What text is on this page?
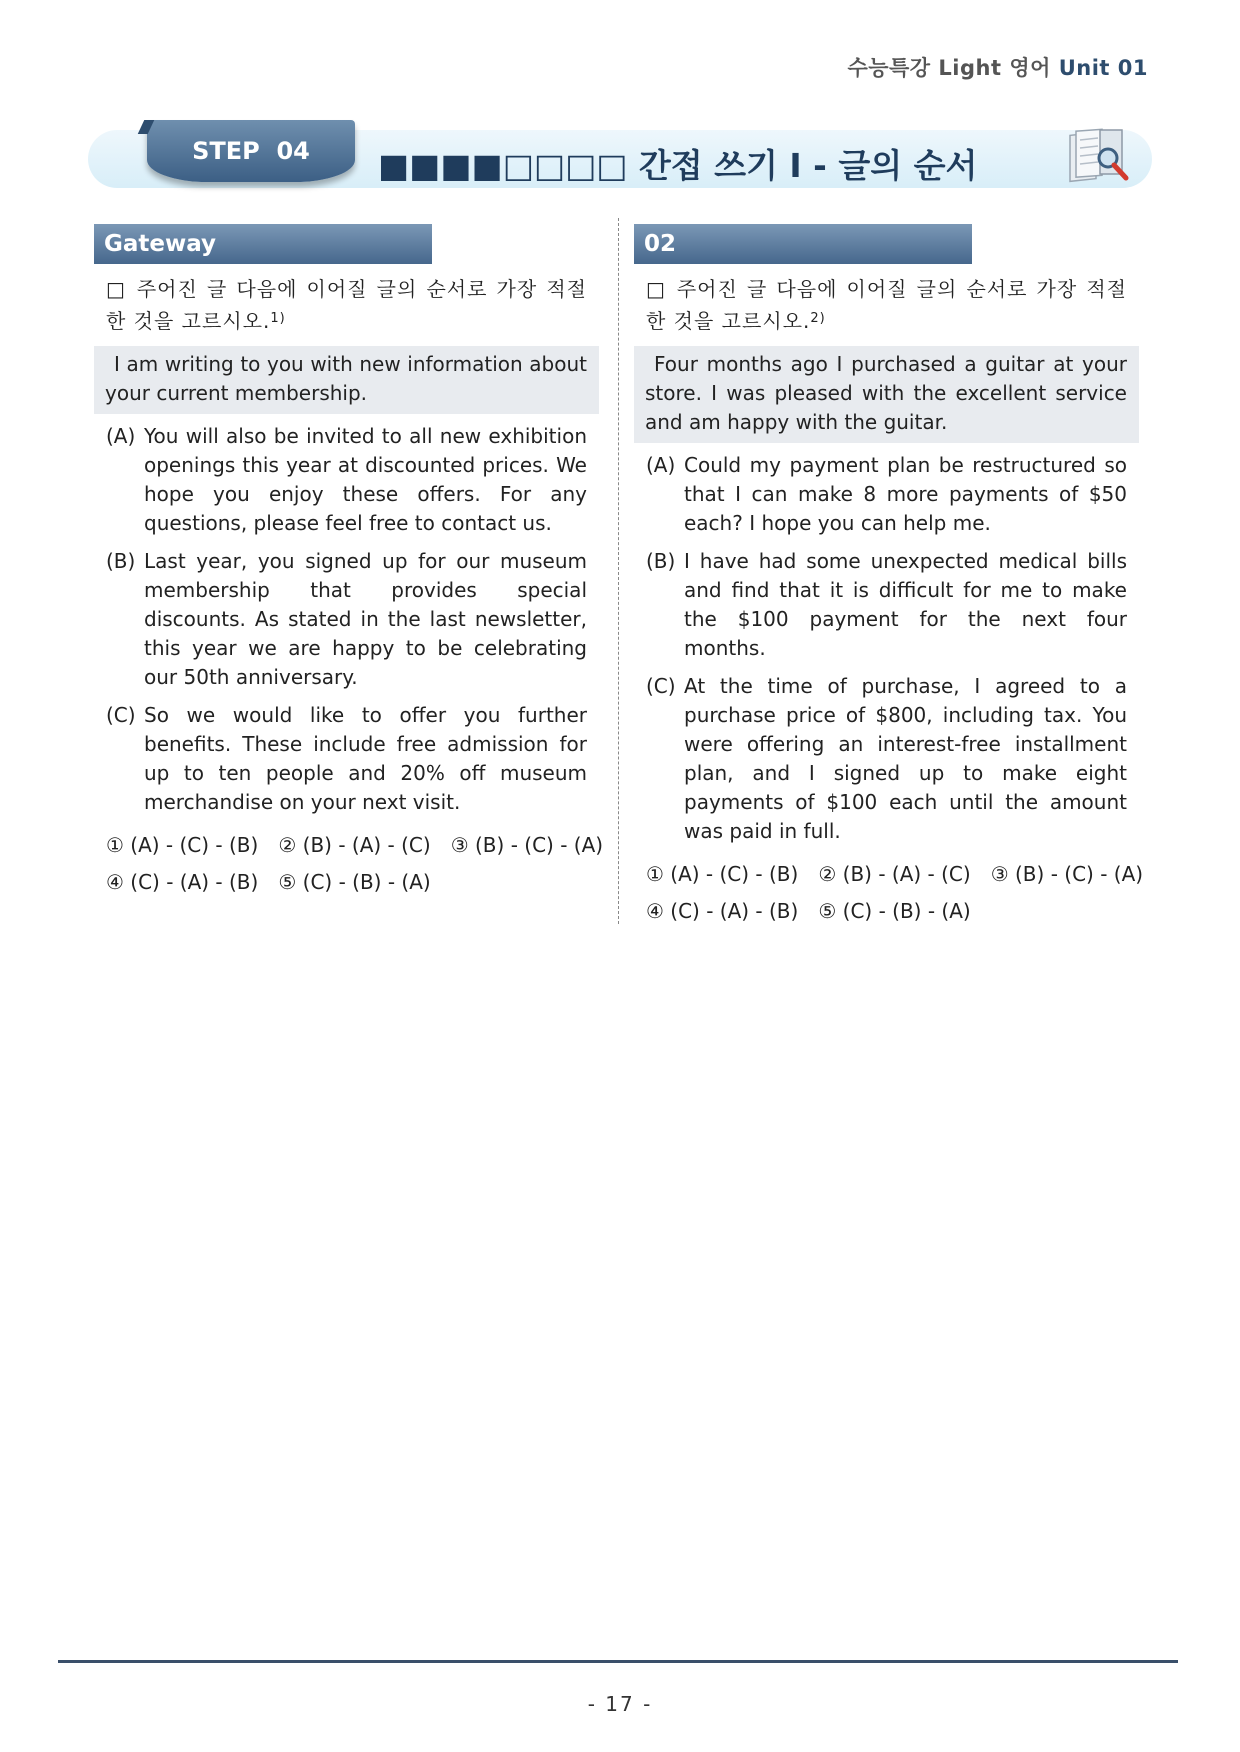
수능특강 Light 영어 Unit 01
STEP  04 ■■■■□□□□ 간접 쓰기 I - 글의 순서
Gateway
□ 주어진 글 다음에 이어질 글의 순서로 가장 적절한 것을 고르시오.$^{1)}$
I am writing to you with new information about your current membership.
(A) You will also be invited to all new exhibition openings this year at discounted prices. We hope you enjoy these offers. For any questions, please feel free to contact us.
(B) Last year, you signed up for our museum membership that provides special discounts. As stated in the last newsletter, this year we are happy to be celebrating our 50th anniversary.
(C) So we would like to offer you further benefits. These include free admission for up to ten people and 20% off museum merchandise on your next visit.
① (A) - (C) - (B) ② (B) - (A) - (C) ③ (B) - (C) - (A)
④ (C) - (A) - (B) ⑤ (C) - (B) - (A)
02
□ 주어진 글 다음에 이어질 글의 순서로 가장 적절한 것을 고르시오.$^{2)}$
Four months ago I purchased a guitar at your store. I was pleased with the excellent service and am happy with the guitar.
(A) Could my payment plan be restructured so that I can make 8 more payments of $50 each? I hope you can help me.
(B) I have had some unexpected medical bills and find that it is difficult for me to make the $100 payment for the next four months.
(C) At the time of purchase, I agreed to a purchase price of $800, including tax. You were offering an interest-free installment plan, and I signed up to make eight payments of $100 each until the amount was paid in full.
① (A) - (C) - (B) ② (B) - (A) - (C) ③ (B) - (C) - (A)
④ (C) - (A) - (B) ⑤ (C) - (B) - (A)
- 17 -
